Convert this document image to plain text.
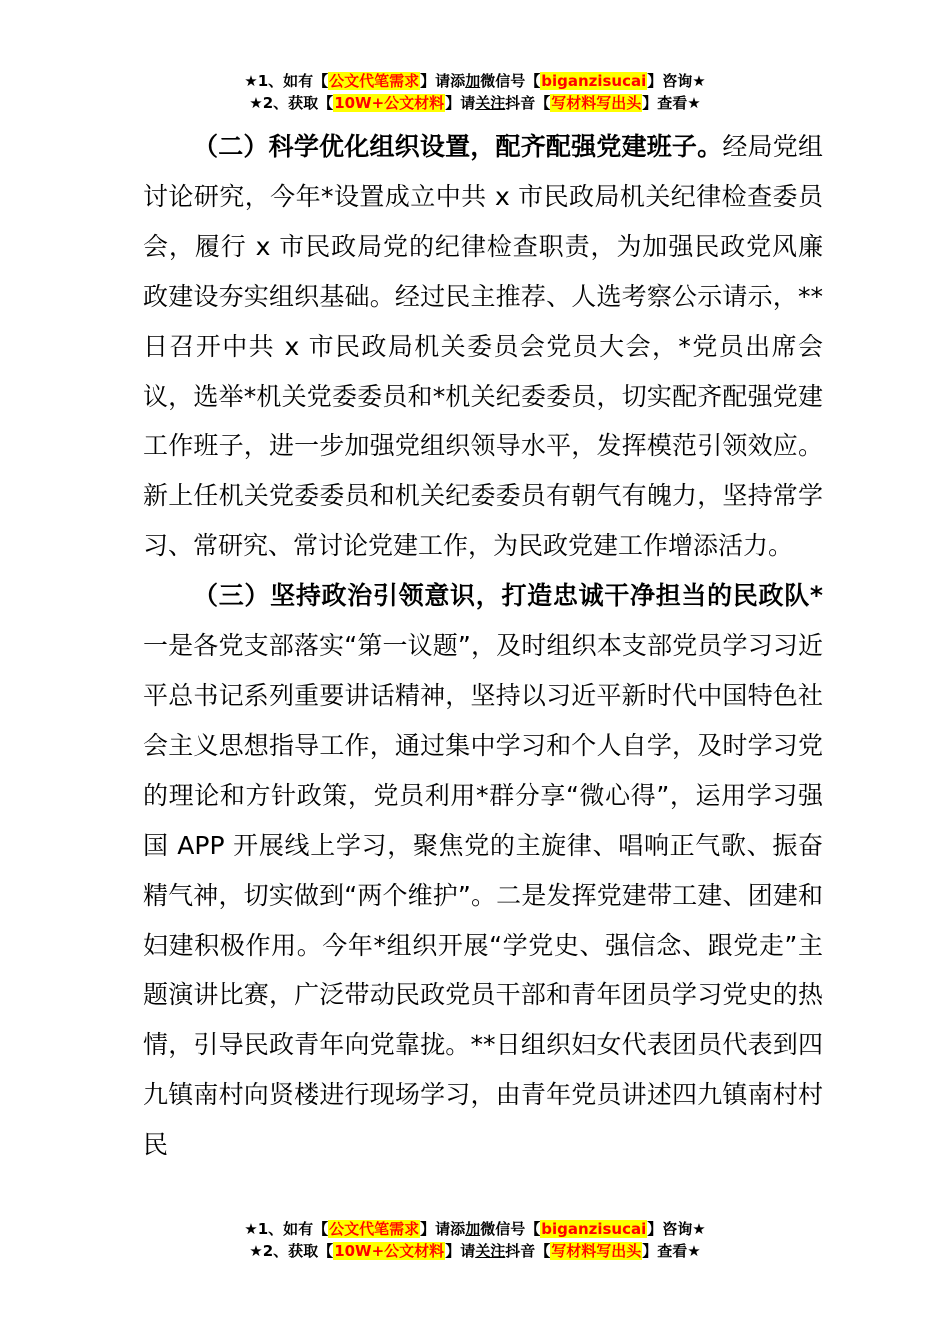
★1、如有【公文代笔需求】请添加微信号【biganzisucai】咨询★
★2、获取【10W+公文材料】请关注抖音【写材料写出头】查看★

（二）科学优化组织设置，配齐配强党建班子。经局党组讨论研究，今年*设置成立中共 x 市民政局机关纪律检查委员会，履行 x 市民政局党的纪律检查职责，为加强民政党风廉政建设夯实组织基础。经过民主推荐、人选考察公示请示，**日召开中共 x 市民政局机关委员会党员大会，*党员出席会议，选举*机关党委委员和*机关纪委委员，切实配齐配强党建工作班子，进一步加强党组织领导水平，发挥模范引领效应。新上任机关党委委员和机关纪委委员有朝气有魄力，坚持常学习、常研究、常讨论党建工作，为民政党建工作增添活力。

（三）坚持政治引领意识，打造忠诚干净担当的民政队*一是各党支部落实“第一议题”，及时组织本支部党员学习习近平总书记系列重要讲话精神，坚持以习近平新时代中国特色社会主义思想指导工作，通过集中学习和个人自学，及时学习党的理论和方针政策，党员利用*群分享“微心得”，运用学习强国 APP 开展线上学习，聚焦党的主旋律、唱响正气歌、振奋精气神，切实做到“两个维护”。二是发挥党建带工建、团建和妇建积极作用。今年*组织开展“学党史、强信念、跟党走”主题演讲比赛，广泛带动民政党员干部和青年团员学习党史的热情，引导民政青年向党靠拢。**日组织妇女代表团员代表到四九镇南村向贤楼进行现场学习，由青年党员讲述四九镇南村村民

★1、如有【公文代笔需求】请添加微信号【biganzisucai】咨询★
★2、获取【10W+公文材料】请关注抖音【写材料写出头】查看★
